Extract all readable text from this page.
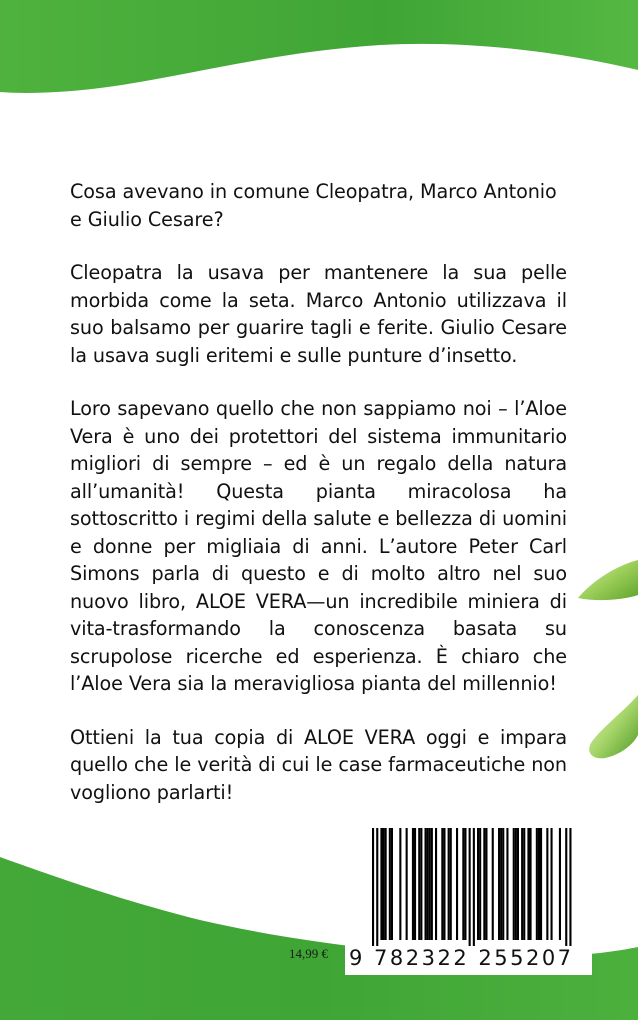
Cosa avevano in comune Cleopatra, Marco Antonio e Giulio Cesare?

Cleopatra la usava per mantenere la sua pelle morbida come la seta. Marco Antonio utilizzava il suo balsamo per guarire tagli e ferite. Giulio Cesare la usava sugli eritemi e sulle punture d’insetto.

Loro sapevano quello che non sappiamo noi – l’Aloe Vera è uno dei protettori del sistema immunitario migliori di sempre – ed è un regalo della natura all’umanità! Questa pianta miracolosa ha sottoscritto i regimi della salute e bellezza di uomini e donne per migliaia di anni. L’autore Peter Carl Simons parla di questo e di molto altro nel suo nuovo libro, ALOE VERA—un incredibile miniera di vita-trasformando la conoscenza basata su scrupolose ricerche ed esperienza. È chiaro che l’Aloe Vera sia la meravigliosa pianta del millennio!

Ottieni la tua copia di ALOE VERA oggi e impara quello che le verità di cui le case farmaceutiche non vogliono parlarti!

14,99 € 9 782322 255207
